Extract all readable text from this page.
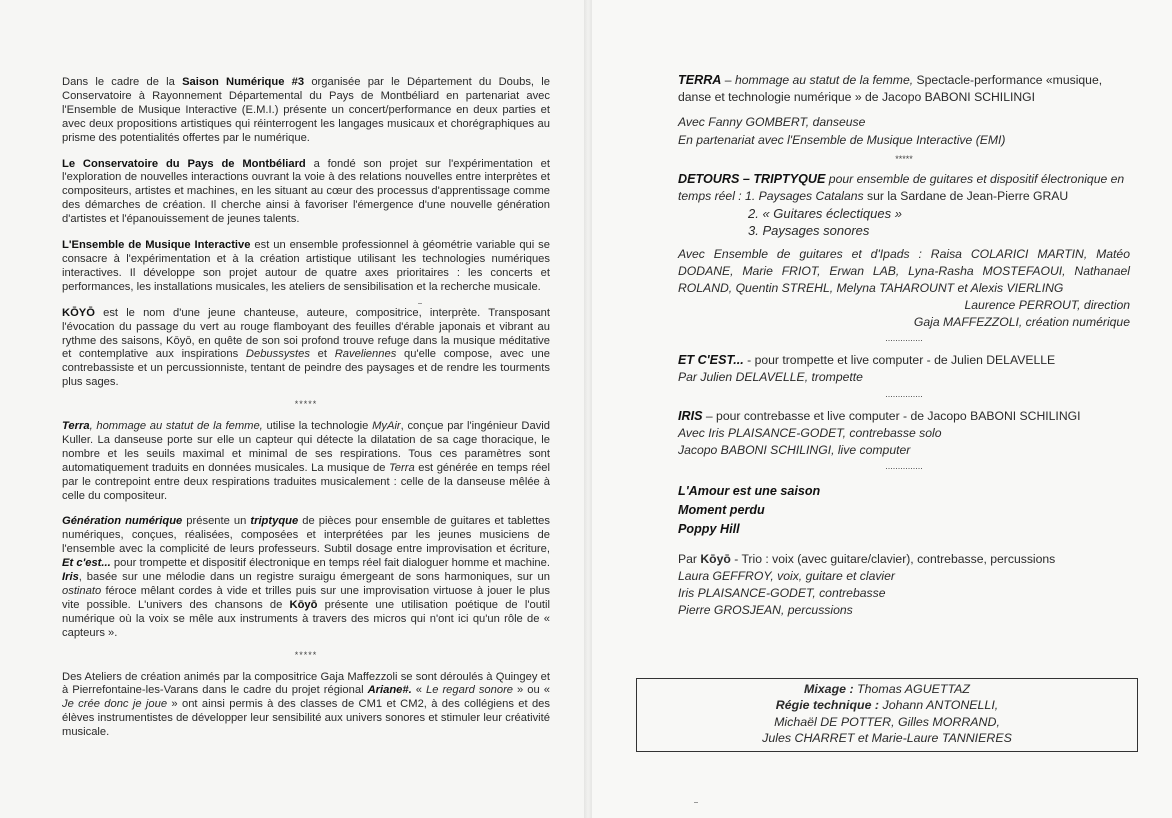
Dans le cadre de la Saison Numérique #3 organisée par le Département du Doubs, le Conservatoire à Rayonnement Départemental du Pays de Montbéliard en partenariat avec l'Ensemble de Musique Interactive (E.M.I.) présente un concert/performance en deux parties et avec deux propositions artistiques qui réinterrogent les langages musicaux et chorégraphiques au prisme des potentialités offertes par le numérique.

Le Conservatoire du Pays de Montbéliard a fondé son projet sur l'expérimentation et l'exploration de nouvelles interactions ouvrant la voie à des relations nouvelles entre interprètes et compositeurs, artistes et machines, en les situant au cœur des processus d'apprentissage comme des démarches de création. Il cherche ainsi à favoriser l'émergence d'une nouvelle génération d'artistes et l'épanouissement de jeunes talents.

L'Ensemble de Musique Interactive est un ensemble professionnel à géométrie variable qui se consacre à l'expérimentation et à la création artistique utilisant les technologies numériques interactives. Il développe son projet autour de quatre axes prioritaires : les concerts et performances, les installations musicales, les ateliers de sensibilisation et la recherche musicale.

KŌYŌ est le nom d'une jeune chanteuse, auteure, compositrice, interprète. Transposant l'évocation du passage du vert au rouge flamboyant des feuilles d'érable japonais et vibrant au rythme des saisons, Kōyō, en quête de son soi profond trouve refuge dans la musique méditative et contemplative aux inspirations Debussystes et Raveliennes qu'elle compose, avec une contrebassiste et un percussionniste, tentant de peindre des paysages et de rendre les tourments plus sages.

*****

Terra, hommage au statut de la femme, utilise la technologie MyAir, conçue par l'ingénieur David Kuller. La danseuse porte sur elle un capteur qui détecte la dilatation de sa cage thoracique, le nombre et les seuils maximal et minimal de ses respirations. Tous ces paramètres sont automatiquement traduits en données musicales. La musique de Terra est générée en temps réel par le contrepoint entre deux respirations traduites musicalement : celle de la danseuse mêlée à celle du compositeur.

Génération numérique présente un triptyque de pièces pour ensemble de guitares et tablettes numériques, conçues, réalisées, composées et interprétées par les jeunes musiciens de l'ensemble avec la complicité de leurs professeurs. Subtil dosage entre improvisation et écriture, Et c'est... pour trompette et dispositif électronique en temps réel fait dialoguer homme et machine. Iris, basée sur une mélodie dans un registre suraigu émergeant de sons harmoniques, sur un ostinato féroce mêlant cordes à vide et trilles puis sur une improvisation virtuose à jouer le plus vite possible. L'univers des chansons de Kōyō présente une utilisation poétique de l'outil numérique où la voix se mêle aux instruments à travers des micros qui n'ont ici qu'un rôle de « capteurs ».

*****

Des Ateliers de création animés par la compositrice Gaja Maffezzoli se sont déroulés à Quingey et à Pierrefontaine-les-Varans dans le cadre du projet régional Ariane#. « Le regard sonore » ou « Je crée donc je joue » ont ainsi permis à des classes de CM1 et CM2, à des collégiens et des élèves instrumentistes de développer leur sensibilité aux univers sonores et stimuler leur créativité musicale.

TERRA – hommage au statut de la femme, Spectacle-performance «musique, danse et technologie numérique » de Jacopo BABONI SCHILINGI

Avec Fanny GOMBERT, danseuse

En partenariat avec l'Ensemble de Musique Interactive (EMI)

*****

DETOURS – TRIPTYQUE pour ensemble de guitares et dispositif électronique en temps réel : 1. Paysages Catalans sur la Sardane de Jean-Pierre GRAU

2. « Guitares éclectiques »

3. Paysages sonores

Avec Ensemble de guitares et d'Ipads : Raisa COLARICI MARTIN, Matéo DODANE, Marie FRIOT, Erwan LAB, Lyna-Rasha MOSTEFAOUI, Nathanael ROLAND, Quentin STREHL, Melyna TAHAROUNT et Alexis VIERLING

Laurence PERROUT, direction

Gaja MAFFEZZOLI, création numérique

...............

ET C'EST... - pour trompette et live computer - de Julien DELAVELLE

Par Julien DELAVELLE, trompette

...............

IRIS – pour contrebasse et live computer - de Jacopo BABONI SCHILINGI

Avec Iris PLAISANCE-GODET, contrebasse solo

Jacopo BABONI SCHILINGI, live computer

...............

L'Amour est une saison

Moment perdu

Poppy Hill

Par Kōyō - Trio : voix (avec guitare/clavier), contrebasse, percussions

Laura GEFFROY, voix, guitare et clavier

Iris PLAISANCE-GODET, contrebasse

Pierre GROSJEAN, percussions

Mixage : Thomas AGUETTAZ
Régie technique : Johann ANTONELLI,
Michaël DE POTTER, Gilles MORRAND,
Jules CHARRET et Marie-Laure TANNIERES
